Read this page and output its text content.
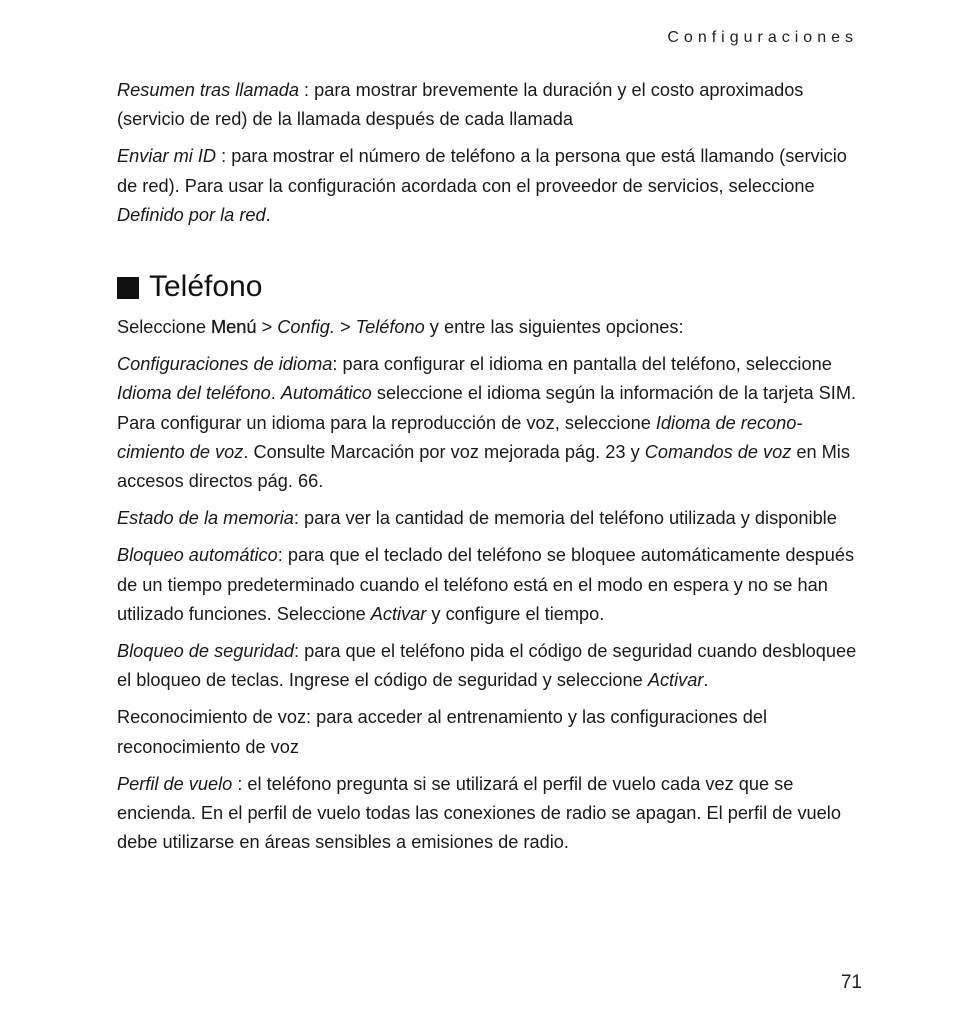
Configuraciones

Resumen tras llamada : para mostrar brevemente la duración y el costo aproximados (servicio de red) de la llamada después de cada llamada

Enviar mi ID : para mostrar el número de teléfono a la persona que está llamando (servicio de red). Para usar la configuración acordada con el proveedor de servicios, seleccione Definido por la red.

Teléfono

Seleccione Menú > Config. > Teléfono y entre las siguientes opciones:

Configuraciones de idioma: para configurar el idioma en pantalla del teléfono, seleccione Idioma del teléfono. Automático seleccione el idioma según la información de la tarjeta SIM. Para configurar un idioma para la reproducción de voz, seleccione Idioma de recono-cimiento de voz. Consulte Marcación por voz mejorada pág. 23 y Comandos de voz en Mis accesos directos pág. 66.

Estado de la memoria: para ver la cantidad de memoria del teléfono utilizada y disponible

Bloqueo automático: para que el teclado del teléfono se bloquee automáticamente después de un tiempo predeterminado cuando el teléfono está en el modo en espera y no se han utilizado funciones. Seleccione Activar y configure el tiempo.

Bloqueo de seguridad: para que el teléfono pida el código de seguridad cuando desbloquee el bloqueo de teclas. Ingrese el código de seguridad y seleccione Activar.

Reconocimiento de voz: para acceder al entrenamiento y las configuraciones del reconocimiento de voz

Perfil de vuelo : el teléfono pregunta si se utilizará el perfil de vuelo cada vez que se encienda. En el perfil de vuelo todas las conexiones de radio se apagan. El perfil de vuelo debe utilizarse en áreas sensibles a emisiones de radio.

71
